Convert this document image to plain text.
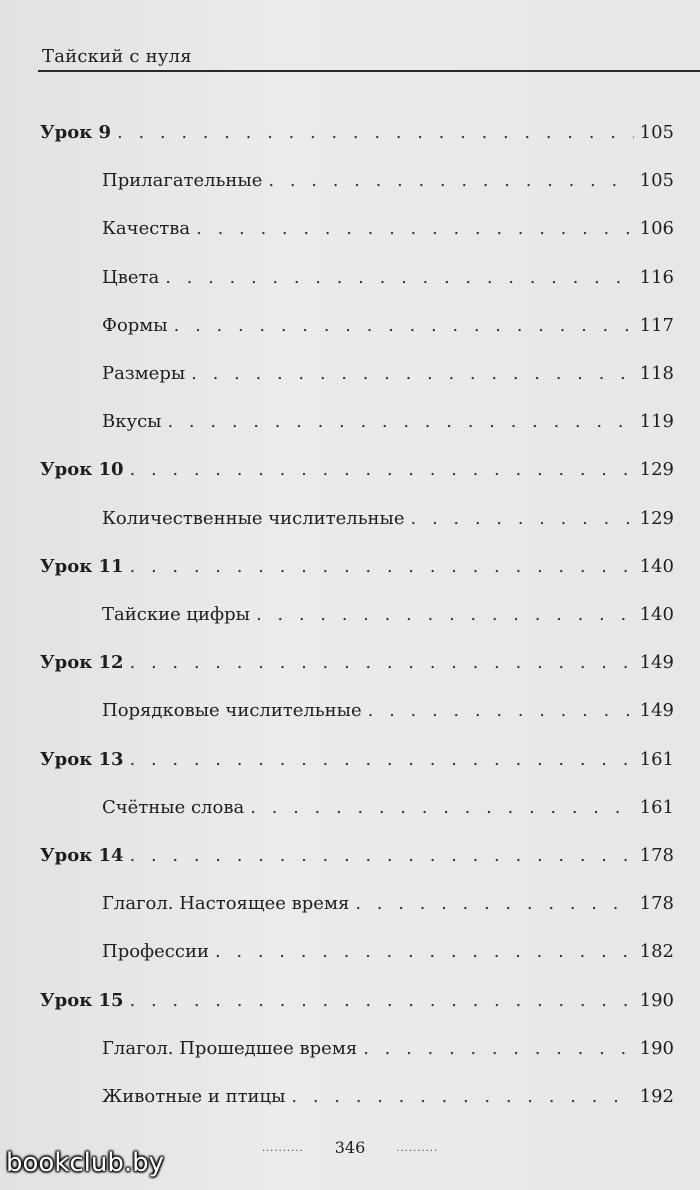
Тайский с нуля
Урок 9 . . .	105
Прилагательные . . .	105
Качества . . .	106
Цвета . . .	116
Формы . . .	117
Размеры . . .	118
Вкусы . . .	119
Урок 10 . . .	129
Количественные числительные . . .	129
Урок 11 . . .	140
Тайские цифры . . .	140
Урок 12 . . .	149
Порядковые числительные . . .	149
Урок 13 . . .	161
Счётные слова . . .	161
Урок 14 . . .	178
Глагол. Настоящее время . . .	178
Профессии . . .	182
Урок 15 . . .	190
Глагол. Прошедшее время . . .	190
Животные и птицы . . .	192
.......... 346	..........
bookclub.by
